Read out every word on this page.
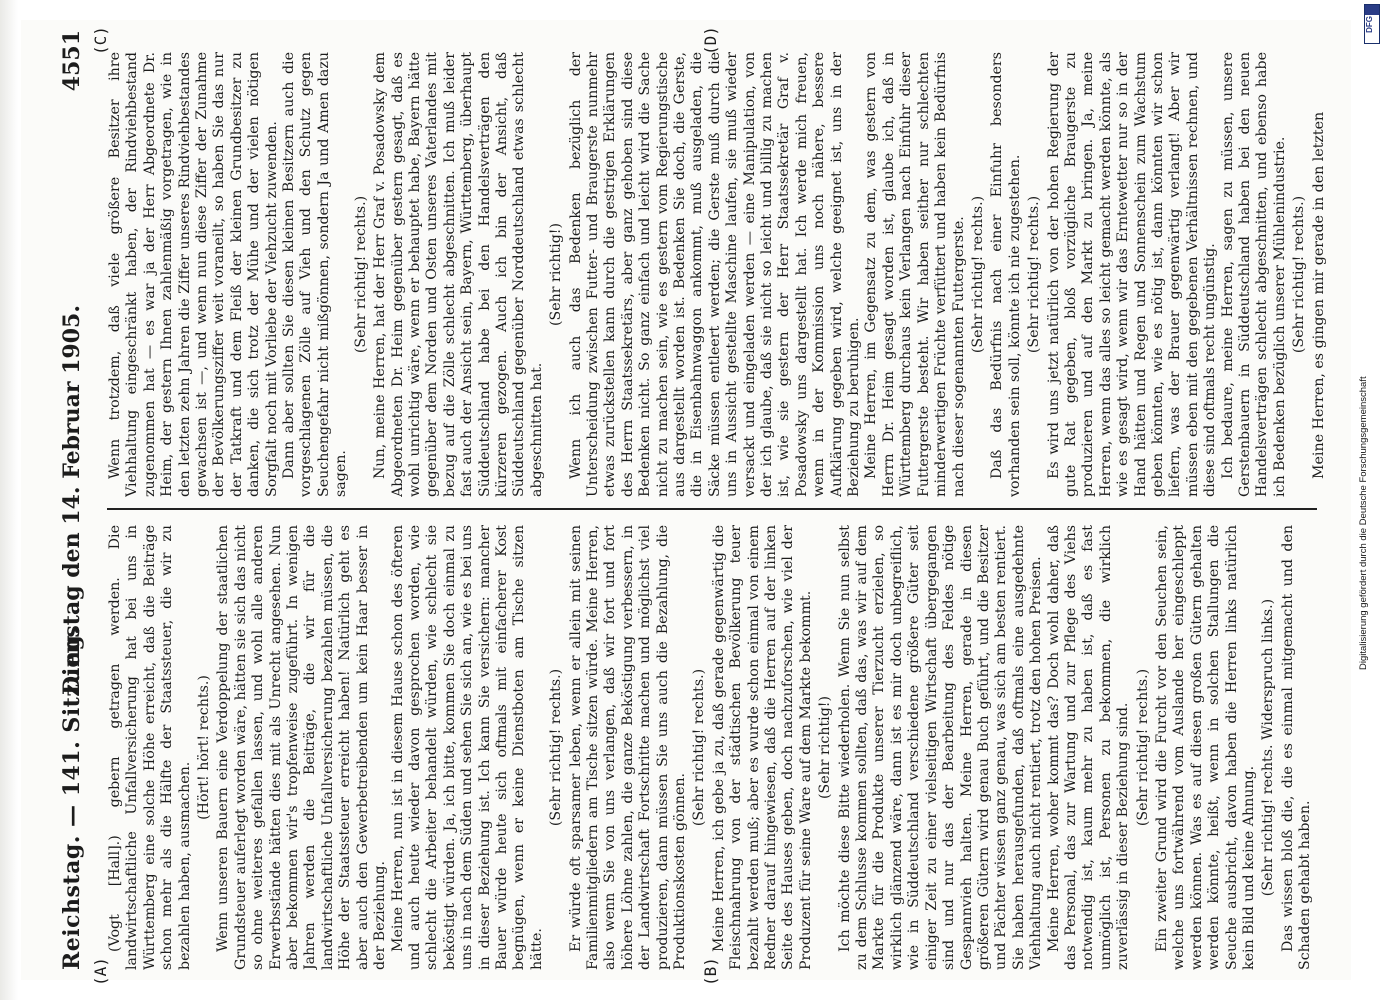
Reichstag. — 141. Sitzung.
Dienstag den 14. Februar 1905.
4551
(A)	(B)
(C)	(D)

(Vogt [Hall].) gebern getragen werden. Die landwirtschaftliche Unfallversicherung hat bei uns in Württemberg eine solche Höhe erreicht, daß die Beiträge schon mehr als die Hälfte der Staatssteuer, die wir zu bezahlen haben, ausmachen.

(Hört! hört! rechts.) Wenn unseren Bauern eine Verdoppelung der staatlichen Grundsteuer auferlegt worden wäre, hätten sie sich das nicht so ohne weiteres gefallen lassen, und wohl alle anderen Erwerbsstände hätten dies mit als Unrecht angesehen. Nun aber bekommen wir's tropfenweise zugeführt. In wenigen Jahren werden die Beiträge, die wir für die landwirtschaftliche Unfallversicherung bezahlen müssen, die Höhe der Staatssteuer erreicht haben! Natürlich geht es aber auch den Gewerbetreibenden um kein Haar besser in der Beziehung. Meine Herren, nun ist in diesem Hause schon des öfteren und auch heute wieder davon gesprochen worden, wie schlecht die Arbeiter behandelt würden, wie schlecht sie beköstigt würden. Ja, ich bitte, kommen Sie doch einmal zu uns in nach dem Süden und sehen Sie sich an, wie es bei uns in dieser Beziehung ist. Ich kann Sie versichern: mancher Bauer würde heute sich oftmals mit einfacherer Kost begnügen, wenn er keine Dienstboten am Tische sitzen hätte.

(Sehr richtig! rechts.) Er würde oft sparsamer leben, wenn er allein mit seinen Familienmitgliedern am Tische sitzen würde. Meine Herren, also wenn Sie von uns verlangen, daß wir fort und fort höhere Löhne zahlen, die ganze Beköstigung verbessern, in der Landwirtschaft Fortschritte machen und möglichst viel produzieren, dann müssen Sie uns auch die Bezahlung, die Produktionskosten gönnen.

(Sehr richtig! rechts.) Meine Herren, ich gebe ja zu, daß gerade gegenwärtig die Fleischnahrung von der städtischen Bevölkerung teuer bezahlt werden muß; aber es wurde schon einmal von einem Redner darauf hingewiesen, daß die Herren auf der linken Seite des Hauses geben, doch nachzuforschen, wie viel der Produzent für seine Ware auf dem Markte bekommt. (Sehr richtig!) Ich möchte diese Bitte wiederholen. Wenn Sie nun selbst zu dem Schlusse kommen sollten, daß das, was wir auf dem Markte für die Produkte unserer Tierzucht erzielen, so wirklich glänzend wäre, dann ist es mir doch unbegreiflich, wie in Süddeutschland verschiedene größere Güter seit einiger Zeit zu einer vielseitigen Wirtschaft übergegangen sind und nur das der Bearbeitung des Feldes nötige Gespannvieh halten. Meine Herren, gerade in diesen größeren Gütern wird genau Buch geführt, und die Besitzer und Pächter wissen ganz genau, was sich am besten rentiert. Sie haben herausgefunden, daß oftmals eine ausgedehnte Viehhaltung auch nicht rentiert, trotz den hohen Preisen. Meine Herren, woher kommt das? Doch wohl daher, daß das Personal, das zur Wartung und zur Pflege des Viehs notwendig ist, kaum mehr zu haben ist, daß es fast unmöglich ist, Personen zu bekommen, die wirklich zuverlässig in dieser Beziehung sind. (Sehr richtig! rechts.) Ein zweiter Grund wird die Furcht vor den Seuchen sein, welche uns fortwährend vom Auslande her eingeschleppt werden können. Was es auf diesen großen Gütern gehalten werden könnte, heißt, wenn in solchen Stallungen die Seuche ausbricht, davon haben die Herren links natürlich kein Bild und keine Ahnung. (Sehr richtig! rechts. Widerspruch links.) Das wissen bloß die, die es einmal mitgemacht und den Schaden gehabt haben.

Wenn trotzdem, daß viele größere Besitzer ihre Viehhaltung eingeschränkt haben, der Rindviehbestand zugenommen hat — es war ja der Herr Abgeordnete Dr. Heim, der gestern Ihnen zahlenmäßig vorgetragen, wie in den letzten zehn Jahren die Ziffer unseres Rindviehbestandes gewachsen ist —, und wenn nun diese Ziffer der Zunahme der Bevölkerungsziffer weit voraneilt, so haben Sie das nur der Tatkraft und dem Fleiß der kleinen Grundbesitzer zu danken, die sich trotz der Mühe und der vielen nötigen Sorgfalt noch mit Vorliebe der Viehzucht zuwenden. Dann aber sollten Sie diesen kleinen Besitzern auch die vorgeschlagenen Zölle auf Vieh und den Schutz gegen Seuchengefahr nicht mißgönnen, sondern Ja und Amen dazu sagen.

(Sehr richtig! rechts.) Nun, meine Herren, hat der Herr Graf v. Posadowsky dem Abgeordneten Dr. Heim gegenüber gestern gesagt, daß es wohl unrichtig wäre, wenn er behauptet habe, Bayern hätte gegenüber dem Norden und Osten unseres Vaterlandes mit bezug auf die Zölle schlecht abgeschnitten. Ich muß leider fast auch der Ansicht sein, Bayern, Württemberg, überhaupt Süddeutschland habe bei den Handelsverträgen den kürzeren gezogen. Auch ich bin der Ansicht, daß Süddeutschland gegenüber Norddeutschland etwas schlecht abgeschnitten hat.

(Sehr richtig!) Wenn ich auch das Bedenken bezüglich der Unterscheidung zwischen Futter- und Braugerste nunmehr etwas zurückstellen kann durch die gestrigen Erklärungen des Herrn Staatssekretärs, aber ganz gehoben sind diese Bedenken nicht. So ganz einfach und leicht wird die Sache nicht zu machen sein, wie es gestern vom Regierungstische aus dargestellt worden ist. Bedenken Sie doch, die Gerste, die in Eisenbahnwaggon ankommt, muß ausgeladen, die Säcke müssen entleert werden; die Gerste muß durch die uns in Aussicht gestellte Maschine laufen, sie muß wieder versackt und eingeladen werden — eine Manipulation, von der ich glaube, daß sie nicht so leicht und billig zu machen ist, wie sie gestern der Herr Staatssekretär Graf v. Posadowsky uns dargestellt hat. Ich werde mich freuen, wenn in der Kommission uns noch nähere, bessere Aufklärung gegeben wird, welche geeignet ist, uns in der Beziehung zu beruhigen. Meine Herren, im Gegensatz zu dem, was gestern von Herrn Dr. Heim gesagt worden ist, glaube ich, daß in Württemberg durchaus kein Verlangen nach Einfuhr dieser Futtergerste besteht. Wir haben seither nur schlechten minderwertigen Früchte verfüttert und haben kein Bedürfnis nach dieser sogenannten Futtergerste. (Sehr richtig! rechts.) Daß das Bedürfnis nach einer Einfuhr besonders vorhanden sein soll, könnte ich nie zugestehen. (Sehr richtig! rechts.) Es wird uns jetzt natürlich von der hohen Regierung der gute Rat gegeben, bloß vorzügliche Braugerste zu produzieren und auf den Markt zu bringen. Ja, meine Herren, wenn das alles so leicht gemacht werden könnte, als wie es gesagt wird, wenn wir das Erntewetter nur so in der Hand hätten und Regen und Sonnenschein zum Wachstum geben könnten, wie es nötig ist, dann könnten wir schon liefern, was der Brauer gegenwärtig verlangt! Aber wir müssen eben mit den gegebenen Verhältnissen rechnen, und diese sind oftmals recht ungünstig. Ich bedaure, meine Herren, sagen zu müssen, unsere Gerstenbauern in Süddeutschland haben bei den neuen Handelsverträgen schlecht abgeschnitten, und ebenso habe ich Bedenken bezüglich unserer Mühlenindustrie. (Sehr richtig! rechts.) Meine Herren, es gingen mir gerade in den letzten

Digitalisierung gefördert durch die Deutsche Forschungsgemeinschaft
DFG
